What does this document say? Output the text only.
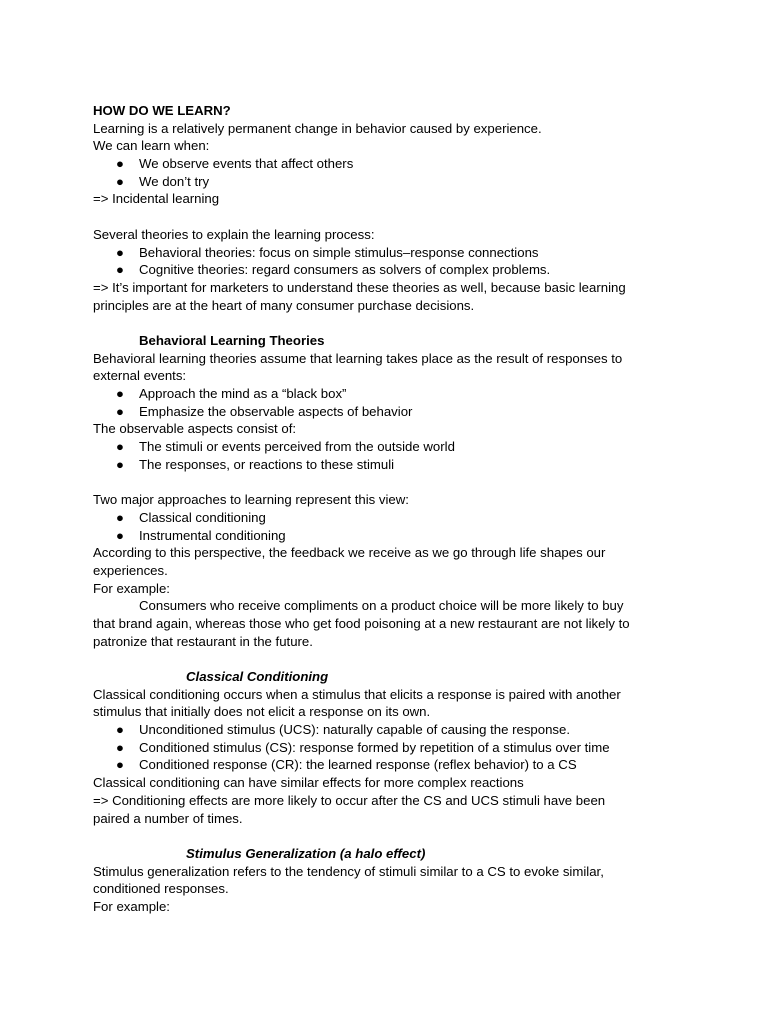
HOW DO WE LEARN?
Learning is a relatively permanent change in behavior caused by experience.
We can learn when:
● We observe events that affect others
● We don’t try
=> Incidental learning
Several theories to explain the learning process:
● Behavioral theories: focus on simple stimulus–response connections
● Cognitive theories: regard consumers as solvers of complex problems.
=> It’s important for marketers to understand these theories as well, because basic learning
principles are at the heart of many consumer purchase decisions.
Behavioral Learning Theories
Behavioral learning theories assume that learning takes place as the result of responses to
external events:
● Approach the mind as a “black box”
● Emphasize the observable aspects of behavior
The observable aspects consist of:
● The stimuli or events perceived from the outside world
● The responses, or reactions to these stimuli
Two major approaches to learning represent this view:
● Classical conditioning
● Instrumental conditioning
According to this perspective, the feedback we receive as we go through life shapes our
experiences.
For example:
Consumers who receive compliments on a product choice will be more likely to buy
that brand again, whereas those who get food poisoning at a new restaurant are not likely to
patronize that restaurant in the future.
Classical Conditioning
Classical conditioning occurs when a stimulus that elicits a response is paired with another
stimulus that initially does not elicit a response on its own.
● Unconditioned stimulus (UCS): naturally capable of causing the response.
● Conditioned stimulus (CS): response formed by repetition of a stimulus over time
● Conditioned response (CR): the learned response (reflex behavior) to a CS
Classical conditioning can have similar effects for more complex reactions
=> Conditioning effects are more likely to occur after the CS and UCS stimuli have been
paired a number of times.
Stimulus Generalization (a halo effect)
Stimulus generalization refers to the tendency of stimuli similar to a CS to evoke similar,
conditioned responses.
For example:
